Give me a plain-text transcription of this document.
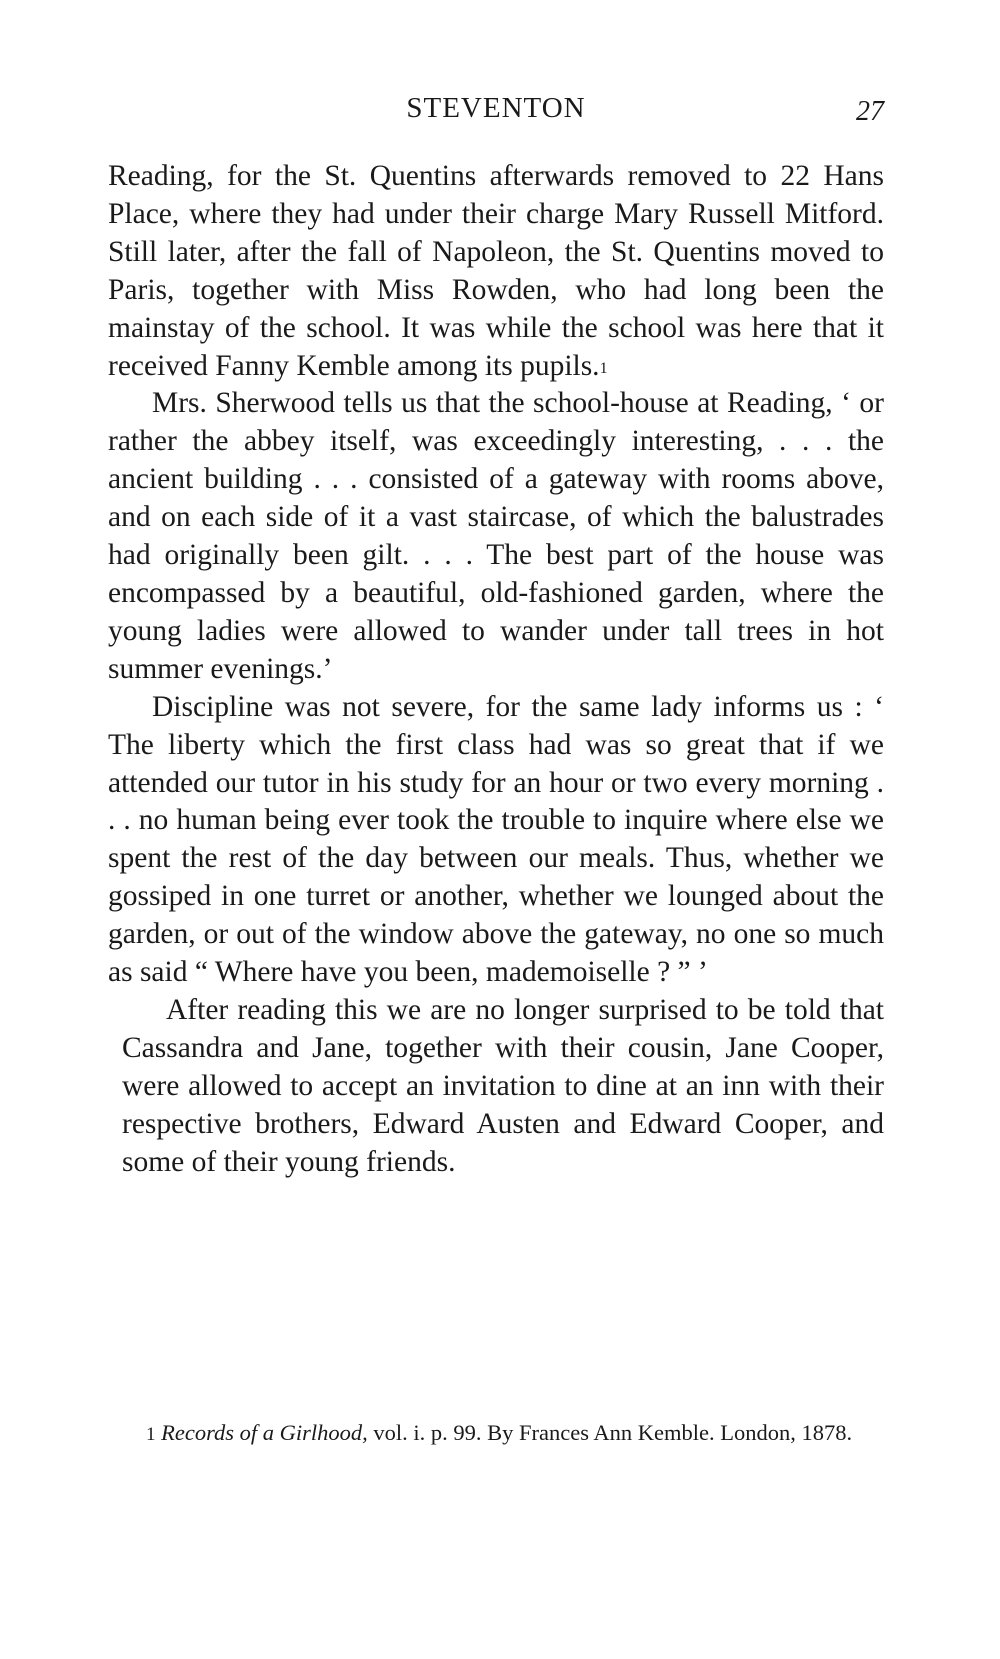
STEVENTON	27

Reading, for the St. Quentins afterwards removed to 22 Hans Place, where they had under their charge Mary Russell Mitford. Still later, after the fall of Napoleon, the St. Quentins moved to Paris, together with Miss Rowden, who had long been the mainstay of the school. It was while the school was here that it received Fanny Kemble among its pupils.$^1$

Mrs. Sherwood tells us that the school-house at Reading, ‘ or rather the abbey itself, was exceedingly interesting, . . . the ancient building . . . consisted of a gateway with rooms above, and on each side of it a vast staircase, of which the balustrades had originally been gilt. . . . The best part of the house was encompassed by a beautiful, old-fashioned garden, where the young ladies were allowed to wander under tall trees in hot summer evenings.’

Discipline was not severe, for the same lady informs us : ‘ The liberty which the first class had was so great that if we attended our tutor in his study for an hour or two every morning . . . no human being ever took the trouble to inquire where else we spent the rest of the day between our meals. Thus, whether we gossiped in one turret or another, whether we lounged about the garden, or out of the window above the gateway, no one so much as said “ Where have you been, mademoiselle ? ” ’

After reading this we are no longer surprised to be told that Cassandra and Jane, together with their cousin, Jane Cooper, were allowed to accept an invitation to dine at an inn with their respective brothers, Edward Austen and Edward Cooper, and some of their young friends.

1 Records of a Girlhood, vol. i. p. 99. By Frances Ann Kemble. London, 1878.
